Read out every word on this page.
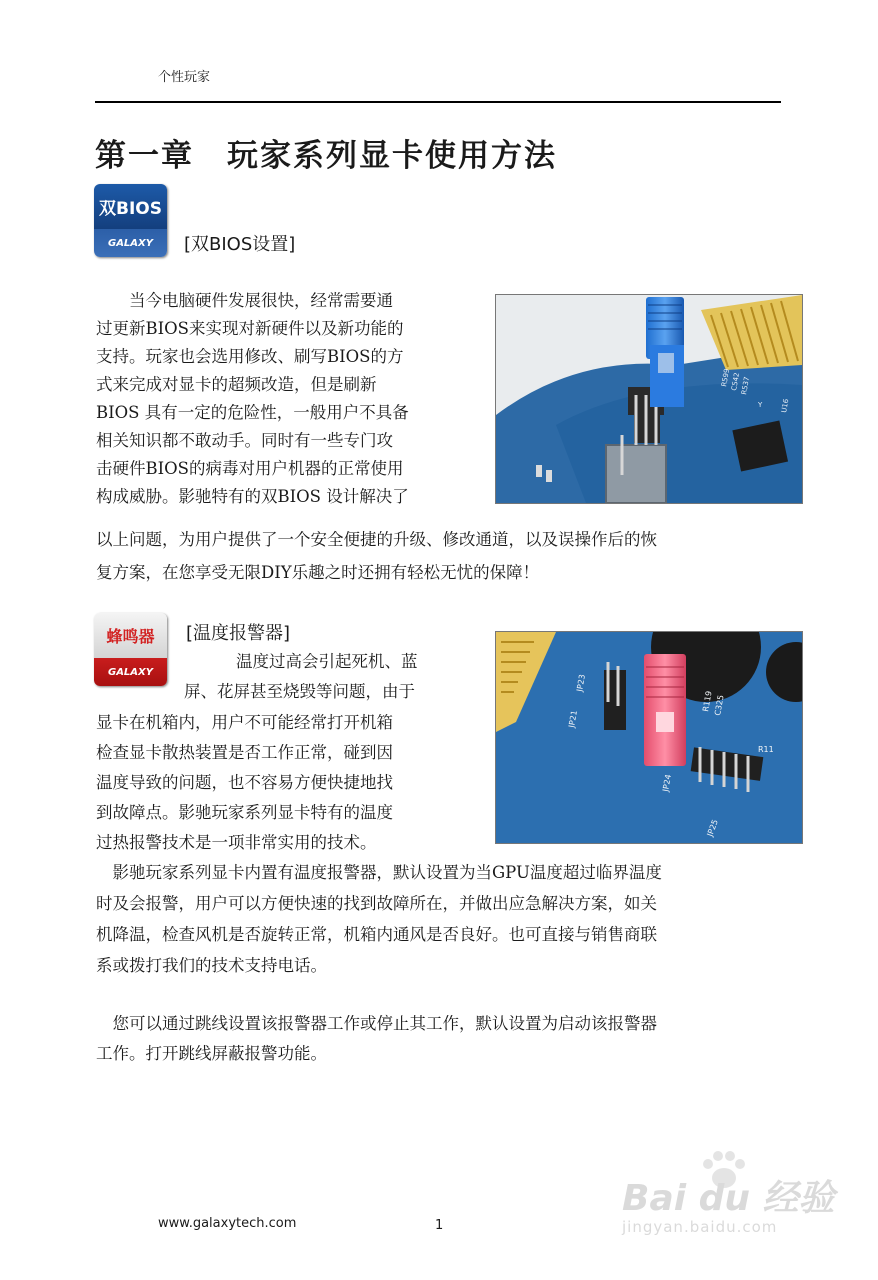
个性玩家
第一章　玩家系列显卡使用方法
双BIOS
GALAXY	[双BIOS设置]
R599
C542
R537
Y	U16
　　当今电脑硬件发展很快，经常需要通
过更新BIOS来实现对新硬件以及新功能的
支持。玩家也会选用修改、刷写BIOS的方
式来完成对显卡的超频改造，但是刷新
BIOS 具有一定的危险性，一般用户不具备
相关知识都不敢动手。同时有一些专门攻
击硬件BIOS的病毒对用户机器的正常使用
构成威胁。影驰特有的双BIOS 设计解决了
以上问题，为用户提供了一个安全便捷的升级、修改通道，以及误操作后的恢
复方案，在您享受无限DIY乐趣之时还拥有轻松无忧的保障！
蜂鸣器
GALAXY
[温度报警器]
JP23
JP21
R119 C325
R11
JP24
JP25
温度过高会引起死机、蓝
屏、花屏甚至烧毁等问题，由于
显卡在机箱内，用户不可能经常打开机箱
检查显卡散热装置是否工作正常，碰到因
温度导致的问题，也不容易方便快捷地找
到故障点。影驰玩家系列显卡特有的温度
过热报警技术是一项非常实用的技术。
　影驰玩家系列显卡内置有温度报警器，默认设置为当GPU温度超过临界温度
时及会报警，用户可以方便快速的找到故障所在，并做出应急解决方案，如关
机降温，检查风机是否旋转正常，机箱内通风是否良好。也可直接与销售商联
系或拨打我们的技术支持电话。
　您可以通过跳线设置该报警器工作或停止其工作，默认设置为启动该报警器
工作。打开跳线屏蔽报警功能。
www.galaxytech.com	1
Bai du 经验
jingyan.baidu.com
